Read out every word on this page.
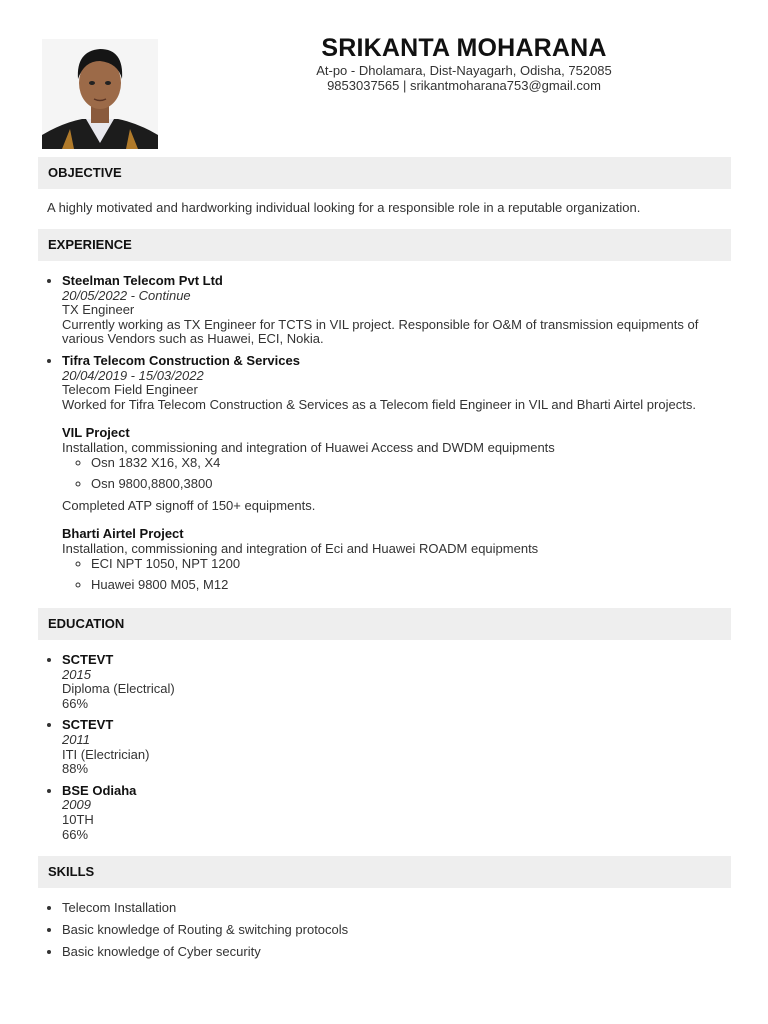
SRIKANTA MOHARANA
At-po - Dholamara, Dist-Nayagarh, Odisha, 752085
9853037565 | srikantmoharana753@gmail.com
OBJECTIVE
A highly motivated and hardworking individual looking for a responsible role in a reputable organization.
EXPERIENCE
• Steelman Telecom Pvt Ltd
20/05/2022 - Continue
TX Engineer
Currently working as TX Engineer for TCTS in VIL project. Responsible for O&M of transmission equipments of various Vendors such as Huawei, ECI, Nokia.
• Tifra Telecom Construction & Services
20/04/2019 - 15/03/2022
Telecom Field Engineer
Worked for Tifra Telecom Construction & Services as a Telecom field Engineer in VIL and Bharti Airtel projects.
VIL Project
Installation, commissioning and integration of Huawei Access and DWDM equipments
◦ Osn 1832 X16, X8, X4
◦ Osn 9800,8800,3800
Completed ATP signoff of 150+ equipments.
Bharti Airtel Project
Installation, commissioning and integration of Eci and Huawei ROADM equipments
◦ ECI NPT 1050, NPT 1200
◦ Huawei 9800 M05, M12
EDUCATION
• SCTEVT
2015
Diploma (Electrical)
66%
• SCTEVT
2011
ITI (Electrician)
88%
• BSE Odiaha
2009
10TH
66%
SKILLS
• Telecom Installation
• Basic knowledge of Routing & switching protocols
• Basic knowledge of Cyber security
